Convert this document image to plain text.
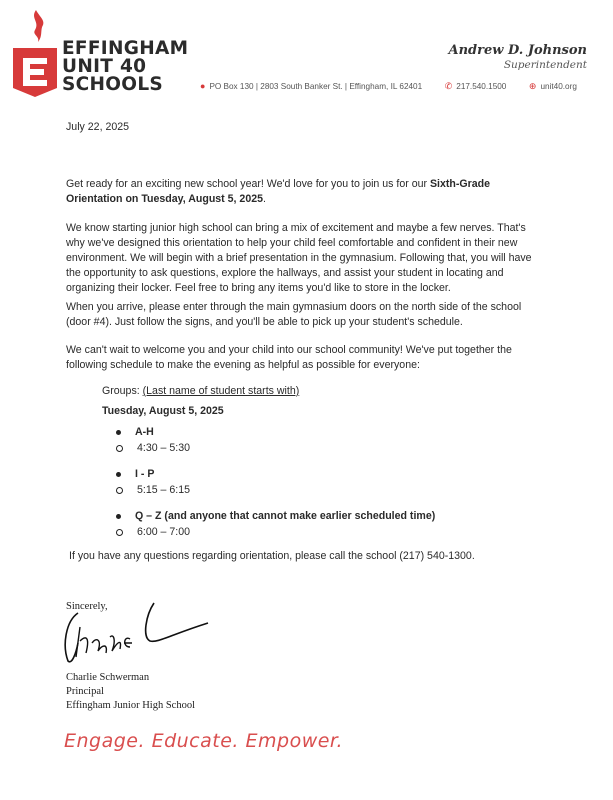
EFFINGHAM
UNIT 40
SCHOOLS
Andrew D. Johnson
Superintendent
● PO Box 130 | 2803 South Banker St. | Effingham, IL 62401	✆ 217.540.1500	⊕ unit40.org
July 22, 2025
Get ready for an exciting new school year! We'd love for you to join us for our Sixth-Grade Orientation on Tuesday, August 5, 2025.
We know starting junior high school can bring a mix of excitement and maybe a few nerves. That's why we've designed this orientation to help your child feel comfortable and confident in their new environment. We will begin with a brief presentation in the gymnasium. Following that, you will have the opportunity to ask questions, explore the hallways, and assist your student in locating and organizing their locker. Feel free to bring any items you'd like to store in the locker.
When you arrive, please enter through the main gymnasium doors on the north side of the school (door #4). Just follow the signs, and you'll be able to pick up your student's schedule.
We can't wait to welcome you and your child into our school community! We've put together the following schedule to make the evening as helpful as possible for everyone:
Groups: (Last name of student starts with)
Tuesday, August 5, 2025
A-H
4:30 – 5:30
I - P
5:15 – 6:15
Q – Z (and anyone that cannot make earlier scheduled time)
6:00 – 7:00
If you have any questions regarding orientation, please call the school (217) 540-1300.
Sincerely,
Charlie Schwerman
Principal
Effingham Junior High School
Engage. Educate. Empower.
